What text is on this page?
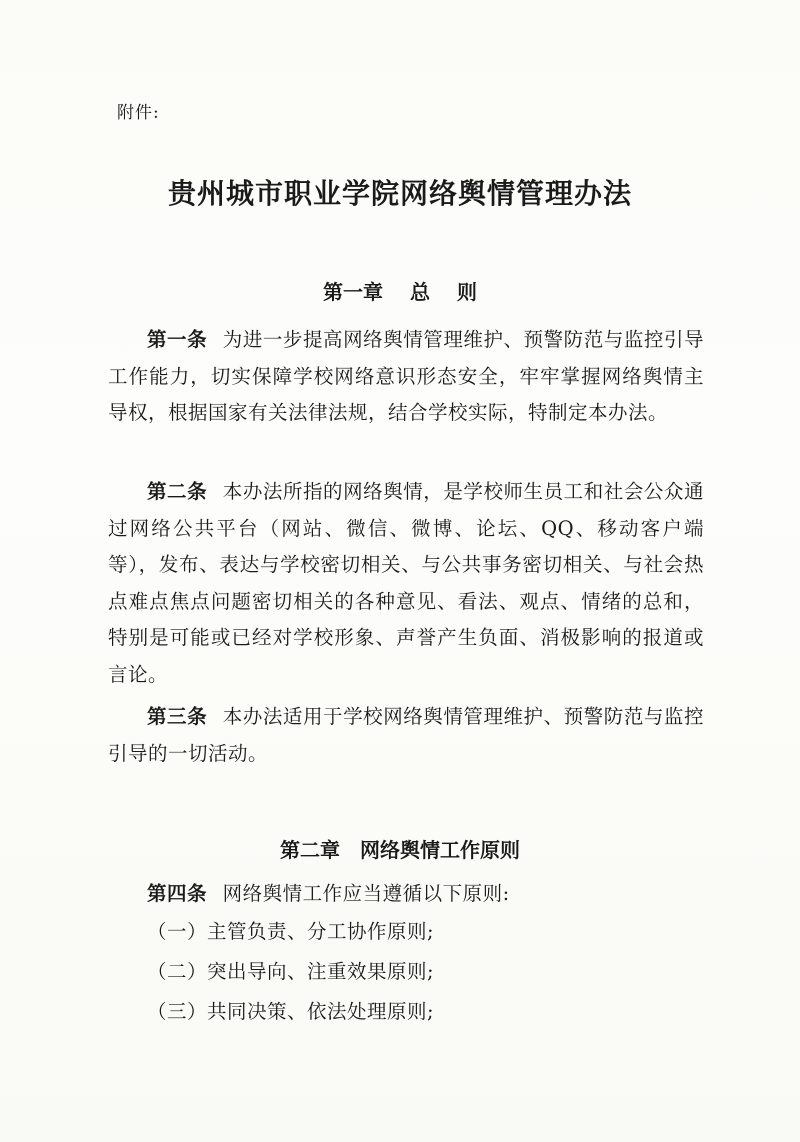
附件:
贵州城市职业学院网络舆情管理办法
第一章　 总　 则
第一条 为进一步提高网络舆情管理维护、预警防范与监控引导工作能力，切实保障学校网络意识形态安全，牢牢掌握网络舆情主导权，根据国家有关法律法规，结合学校实际，特制定本办法。
第二条 本办法所指的网络舆情，是学校师生员工和社会公众通过网络公共平台（网站、微信、微博、论坛、QQ、移动客户端等），发布、表达与学校密切相关、与公共事务密切相关、与社会热点难点焦点问题密切相关的各种意见、看法、观点、情绪的总和，特别是可能或已经对学校形象、声誉产生负面、消极影响的报道或言论。
第三条 本办法适用于学校网络舆情管理维护、预警防范与监控引导的一切活动。
第二章　网络舆情工作原则
第四条 网络舆情工作应当遵循以下原则:
（一）主管负责、分工协作原则;
（二）突出导向、注重效果原则;
（三）共同决策、依法处理原则;
